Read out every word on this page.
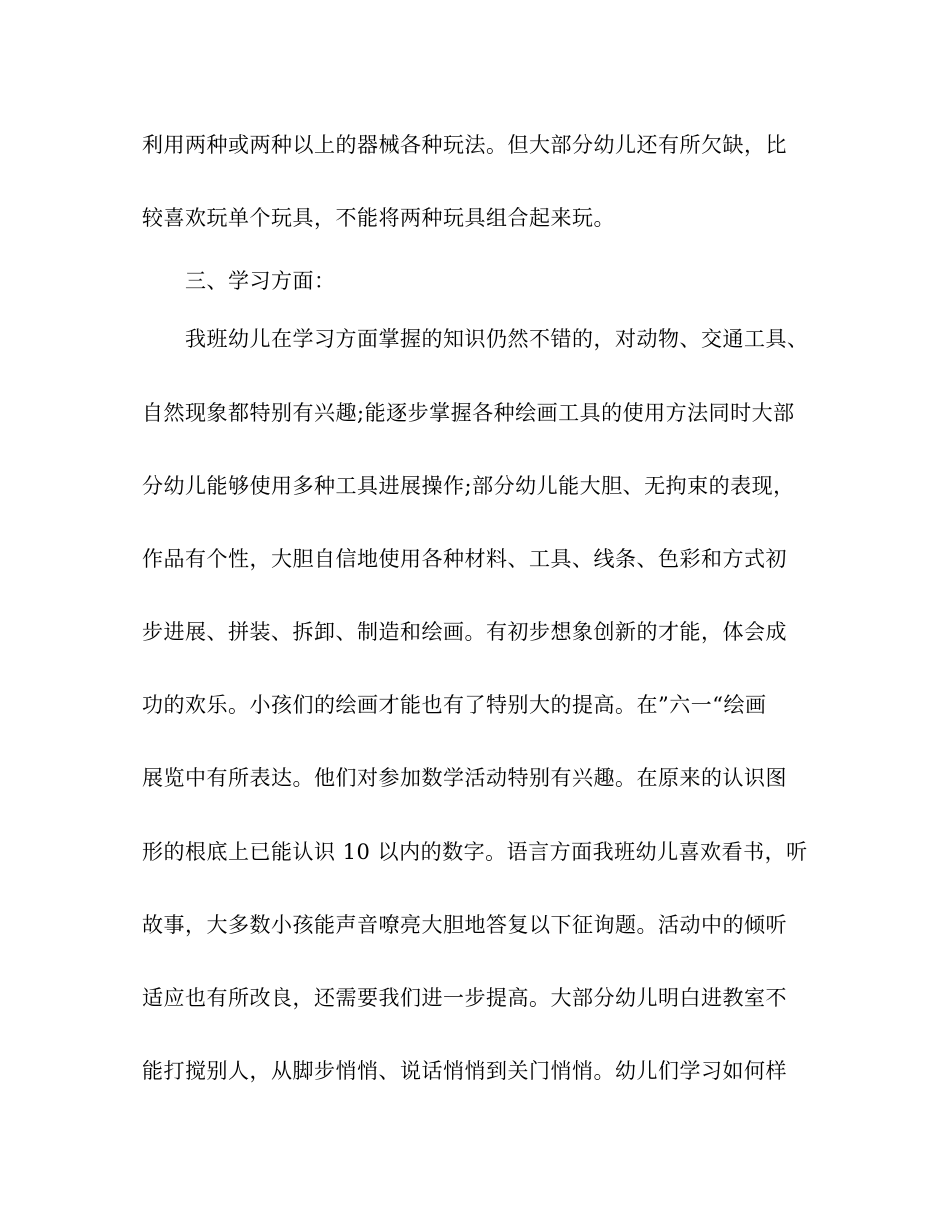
利用两种或两种以上的器械各种玩法。但大部分幼儿还有所欠缺，比
较喜欢玩单个玩具，不能将两种玩具组合起来玩。
三、学习方面：
我班幼儿在学习方面掌握的知识仍然不错的，对动物、交通工具、
自然现象都特别有兴趣;能逐步掌握各种绘画工具的使用方法同时大部
分幼儿能够使用多种工具进展操作;部分幼儿能大胆、无拘束的表现，
作品有个性，大胆自信地使用各种材料、工具、线条、色彩和方式初
步进展、拼装、拆卸、制造和绘画。有初步想象创新的才能，体会成
功的欢乐。小孩们的绘画才能也有了特别大的提高。在”六一“绘画
展览中有所表达。他们对参加数学活动特别有兴趣。在原来的认识图
形的根底上已能认识 10 以内的数字。语言方面我班幼儿喜欢看书，听
故事，大多数小孩能声音嘹亮大胆地答复以下征询题。活动中的倾听
适应也有所改良，还需要我们进一步提高。大部分幼儿明白进教室不
能打搅别人，从脚步悄悄、说话悄悄到关门悄悄。幼儿们学习如何样
